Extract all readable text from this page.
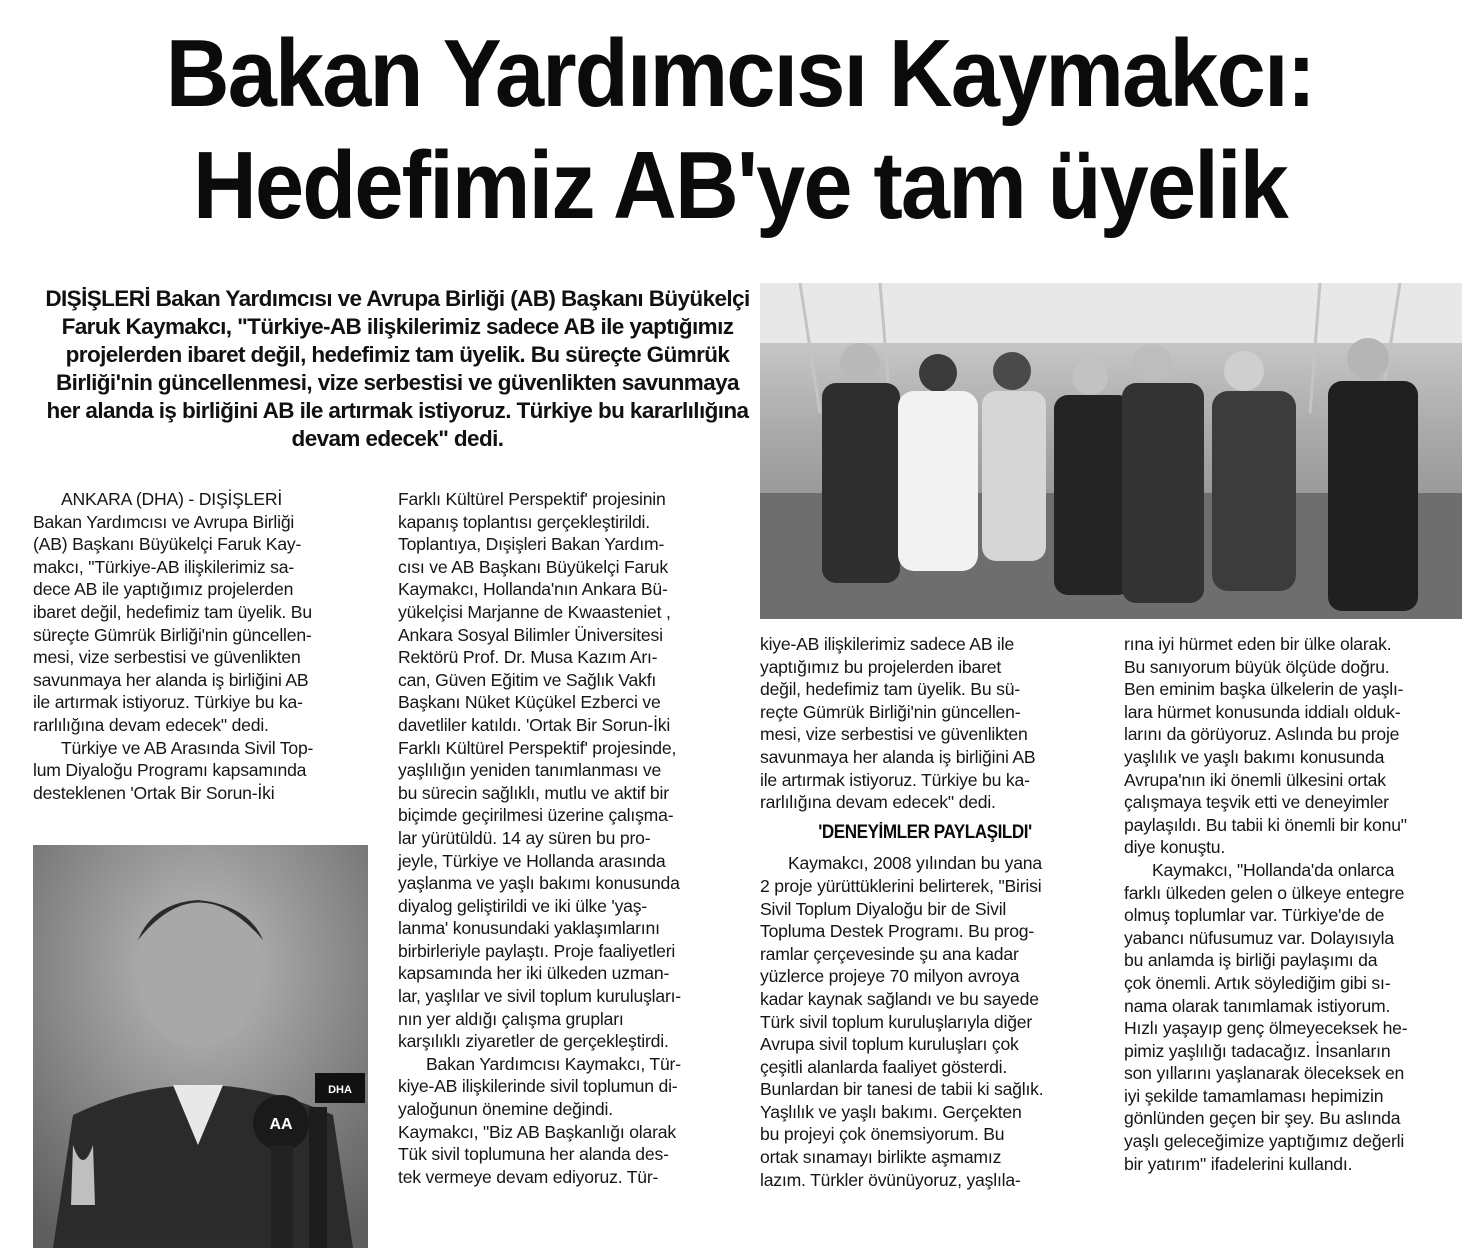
Bakan Yardımcısı Kaymakcı:
Hedefimiz AB'ye tam üyelik
DIŞİŞLERİ Bakan Yardımcısı ve Avrupa Birliği (AB) Başkanı Büyükelçi Faruk Kaymakcı, "Türkiye-AB ilişkilerimiz sadece AB ile yaptığımız projelerden ibaret değil, hedefimiz tam üyelik. Bu süreçte Gümrük Birliği'nin güncellenmesi, vize serbestisi ve güvenlikten savunmaya her alanda iş birliğini AB ile artırmak istiyoruz. Türkiye bu kararlılığına devam edecek" dedi.
ANKARA (DHA) - DIŞİŞLERİ
Bakan Yardımcısı ve Avrupa Birliği
(AB) Başkanı Büyükelçi Faruk Kay-
makcı, "Türkiye-AB ilişkilerimiz sa-
dece AB ile yaptığımız projelerden
ibaret değil, hedefimiz tam üyelik. Bu
süreçte Gümrük Birliği'nin güncellen-
mesi, vize serbestisi ve güvenlikten
savunmaya her alanda iş birliğini AB
ile artırmak istiyoruz. Türkiye bu ka-
rarlılığına devam edecek" dedi.
Türkiye ve AB Arasında Sivil Top-
lum Diyaloğu Programı kapsamında
desteklenen 'Ortak Bir Sorun-İki
Farklı Kültürel Perspektif' projesinin
kapanış toplantısı gerçekleştirildi.
Toplantıya, Dışişleri Bakan Yardım-
cısı ve AB Başkanı Büyükelçi Faruk
Kaymakcı, Hollanda'nın Ankara Bü-
yükelçisi Marjanne de Kwaasteniet ,
Ankara Sosyal Bilimler Üniversitesi
Rektörü Prof. Dr. Musa Kazım Arı-
can, Güven Eğitim ve Sağlık Vakfı
Başkanı Nüket Küçükel Ezberci ve
davetliler katıldı. 'Ortak Bir Sorun-İki
Farklı Kültürel Perspektif' projesinde,
yaşlılığın yeniden tanımlanması ve
bu sürecin sağlıklı, mutlu ve aktif bir
biçimde geçirilmesi üzerine çalışma-
lar yürütüldü. 14 ay süren bu pro-
jeyle, Türkiye ve Hollanda arasında
yaşlanma ve yaşlı bakımı konusunda
diyalog geliştirildi ve iki ülke 'yaş-
lanma' konusundaki yaklaşımlarını
birbirleriyle paylaştı. Proje faaliyetleri
kapsamında her iki ülkeden uzman-
lar, yaşlılar ve sivil toplum kuruluşları-
nın yer aldığı çalışma grupları
karşılıklı ziyaretler de gerçekleştirdi.
Bakan Yardımcısı Kaymakcı, Tür-
kiye-AB ilişkilerinde sivil toplumun di-
yaloğunun önemine değindi.
Kaymakcı, "Biz AB Başkanlığı olarak
Tük sivil toplumuna her alanda des-
tek vermeye devam ediyoruz. Tür-
kiye-AB ilişkilerimiz sadece AB ile
yaptığımız bu projelerden ibaret
değil, hedefimiz tam üyelik. Bu sü-
reçte Gümrük Birliği'nin güncellen-
mesi, vize serbestisi ve güvenlikten
savunmaya her alanda iş birliğini AB
ile artırmak istiyoruz. Türkiye bu ka-
rarlılığına devam edecek" dedi.
'DENEYİMLER PAYLAŞILDI'
Kaymakcı, 2008 yılından bu yana
2 proje yürüttüklerini belirterek, "Birisi
Sivil Toplum Diyaloğu bir de Sivil
Topluma Destek Programı. Bu prog-
ramlar çerçevesinde şu ana kadar
yüzlerce projeye 70 milyon avroya
kadar kaynak sağlandı ve bu sayede
Türk sivil toplum kuruluşlarıyla diğer
Avrupa sivil toplum kuruluşları çok
çeşitli alanlarda faaliyet gösterdi.
Bunlardan bir tanesi de tabii ki sağlık.
Yaşlılık ve yaşlı bakımı. Gerçekten
bu projeyi çok önemsiyorum. Bu
ortak sınamayı birlikte aşmamız
lazım. Türkler övünüyoruz, yaşlıla-
rına iyi hürmet eden bir ülke olarak.
Bu sanıyorum büyük ölçüde doğru.
Ben eminim başka ülkelerin de yaşlı-
lara hürmet konusunda iddialı olduk-
larını da görüyoruz. Aslında bu proje
yaşlılık ve yaşlı bakımı konusunda
Avrupa'nın iki önemli ülkesini ortak
çalışmaya teşvik etti ve deneyimler
paylaşıldı. Bu tabii ki önemli bir konu"
diye konuştu.
Kaymakcı, "Hollanda'da onlarca
farklı ülkeden gelen o ülkeye entegre
olmuş toplumlar var. Türkiye'de de
yabancı nüfusumuz var. Dolayısıyla
bu anlamda iş birliği paylaşımı da
çok önemli. Artık söylediğim gibi sı-
nama olarak tanımlamak istiyorum.
Hızlı yaşayıp genç ölmeyeceksek he-
pimiz yaşlılığı tadacağız. İnsanların
son yıllarını yaşlanarak öleceksek en
iyi şekilde tamamlaması hepimizin
gönlünden geçen bir şey. Bu aslında
yaşlı geleceğimize yaptığımız değerli
bir yatırım" ifadelerini kullandı.
AA
DHA
